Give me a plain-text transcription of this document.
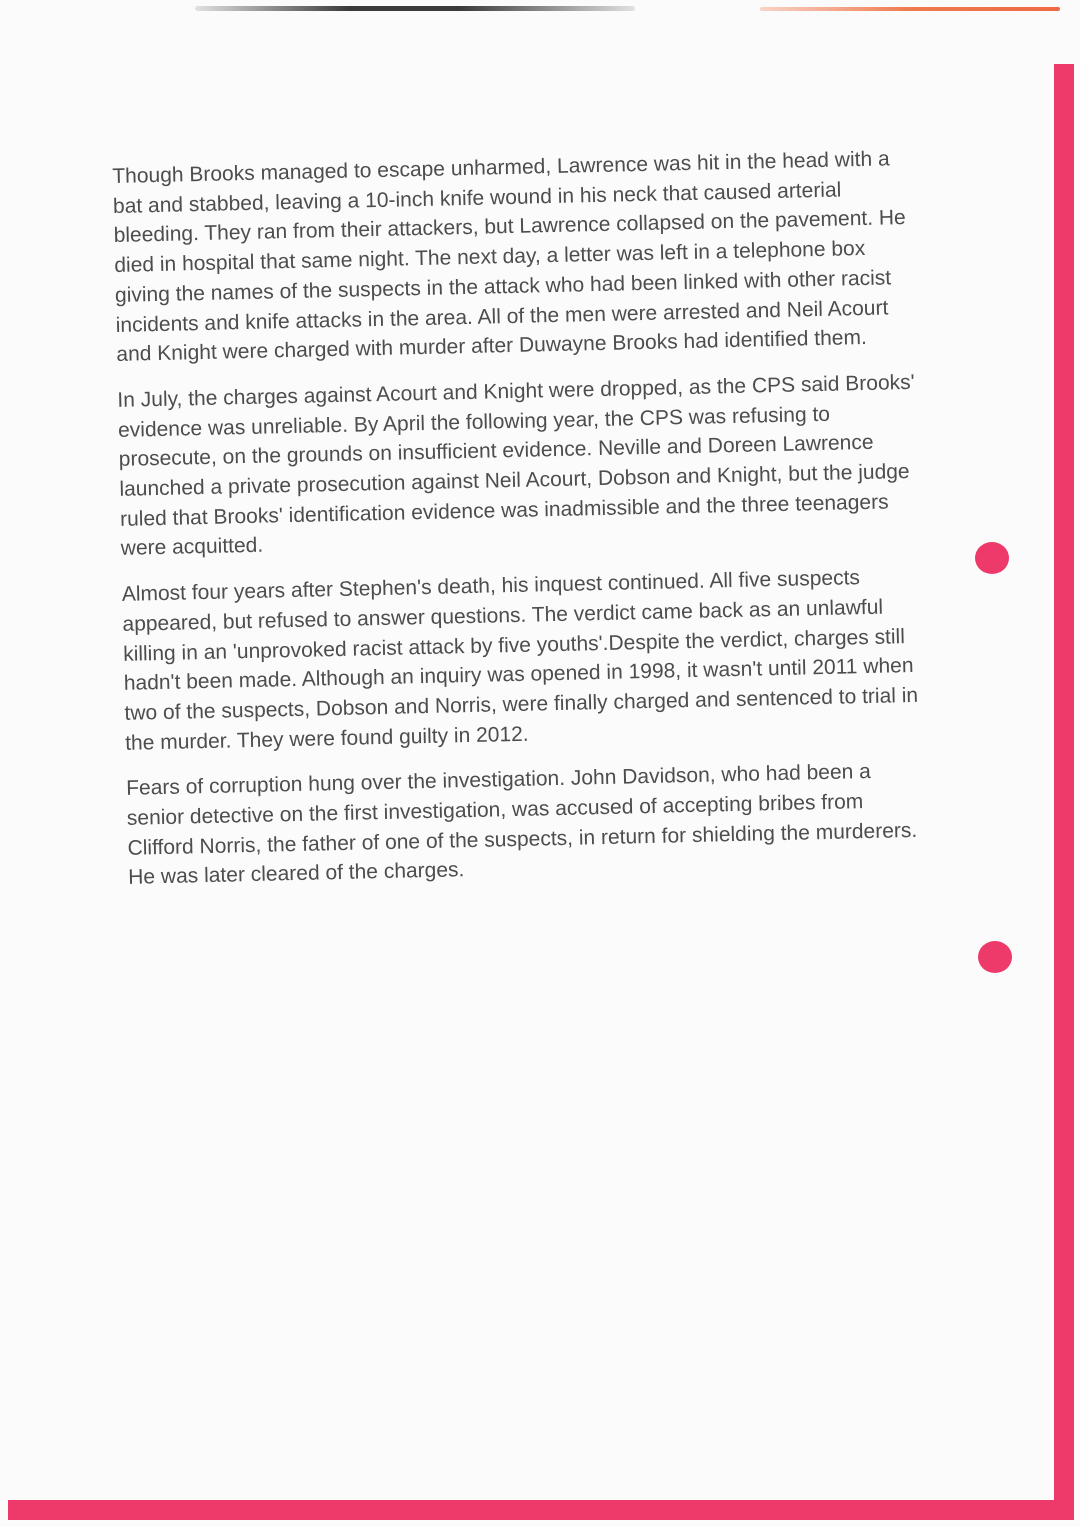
Though Brooks managed to escape unharmed, Lawrence was hit in the head with a bat and stabbed, leaving a 10-inch knife wound in his neck that caused arterial bleeding. They ran from their attackers, but Lawrence collapsed on the pavement. He died in hospital that same night. The next day, a letter was left in a telephone box giving the names of the suspects in the attack who had been linked with other racist incidents and knife attacks in the area. All of the men were arrested and Neil Acourt and Knight were charged with murder after Duwayne Brooks had identified them.

In July, the charges against Acourt and Knight were dropped, as the CPS said Brooks' evidence was unreliable. By April the following year, the CPS was refusing to prosecute, on the grounds on insufficient evidence. Neville and Doreen Lawrence launched a private prosecution against Neil Acourt, Dobson and Knight, but the judge ruled that Brooks' identification evidence was inadmissible and the three teenagers were acquitted.

Almost four years after Stephen's death, his inquest continued. All five suspects appeared, but refused to answer questions. The verdict came back as an unlawful killing in an 'unprovoked racist attack by five youths'.Despite the verdict, charges still hadn't been made. Although an inquiry was opened in 1998, it wasn't until 2011 when two of the suspects, Dobson and Norris, were finally charged and sentenced to trial in the murder. They were found guilty in 2012.

Fears of corruption hung over the investigation. John Davidson, who had been a senior detective on the first investigation, was accused of accepting bribes from Clifford Norris, the father of one of the suspects, in return for shielding the murderers. He was later cleared of the charges.
